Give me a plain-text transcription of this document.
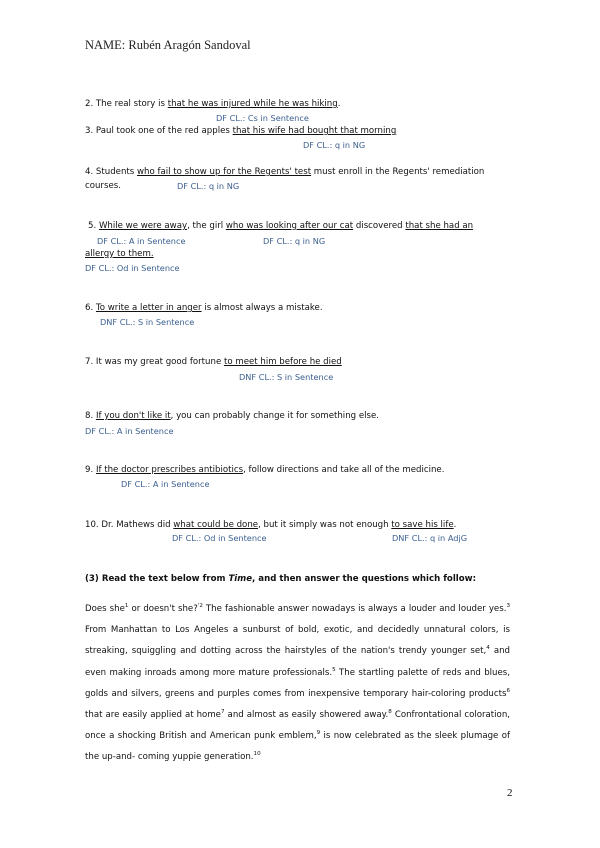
NAME: Rubén Aragón Sandoval
2. The real story is that he was injured while he was hiking.
DF CL.: Cs in Sentence
3. Paul took one of the red apples that his wife had bought that morning
DF CL.: q in NG
4. Students who fail to show up for the Regents' test must enroll in the Regents' remediation
courses.	DF CL.: q in NG
5. While we were away, the girl who was looking after our cat discovered that she had an
DF CL.: A in Sentence	DF CL.: q in NG
allergy to them.
DF CL.: Od in Sentence
6. To write a letter in anger is almost always a mistake.
DNF CL.: S in Sentence
7. It was my great good fortune to meet him before he died
DNF CL.: S in Sentence
8. If you don't like it, you can probably change it for something else.
DF CL.: A in Sentence
9. If the doctor prescribes antibiotics, follow directions and take all of the medicine.
DF CL.: A in Sentence
10. Dr. Mathews did what could be done, but it simply was not enough to save his life.
DF CL.: Od in Sentence	DNF CL.: q in AdjG
(3) Read the text below from Time, and then answer the questions which follow:
Does she$^1$ or doesn't she?$^{'2}$ The fashionable answer nowadays is always a louder and louder yes.$^3$
From Manhattan to Los Angeles a sunburst of bold, exotic, and decidedly unnatural colors, is
streaking, squiggling and dotting across the hairstyles of the nation's trendy younger set,$^4$ and
even making inroads among more mature professionals.$^5$ The startling palette of reds and blues,
golds and silvers, greens and purples comes from inexpensive temporary hair-coloring products$^6$
that are easily applied at home$^7$ and almost as easily showered away.$^8$ Confrontational coloration,
once a shocking British and American punk emblem,$^9$ is now celebrated as the sleek plumage of
the up-and- coming yuppie generation.$^{10}$
2
